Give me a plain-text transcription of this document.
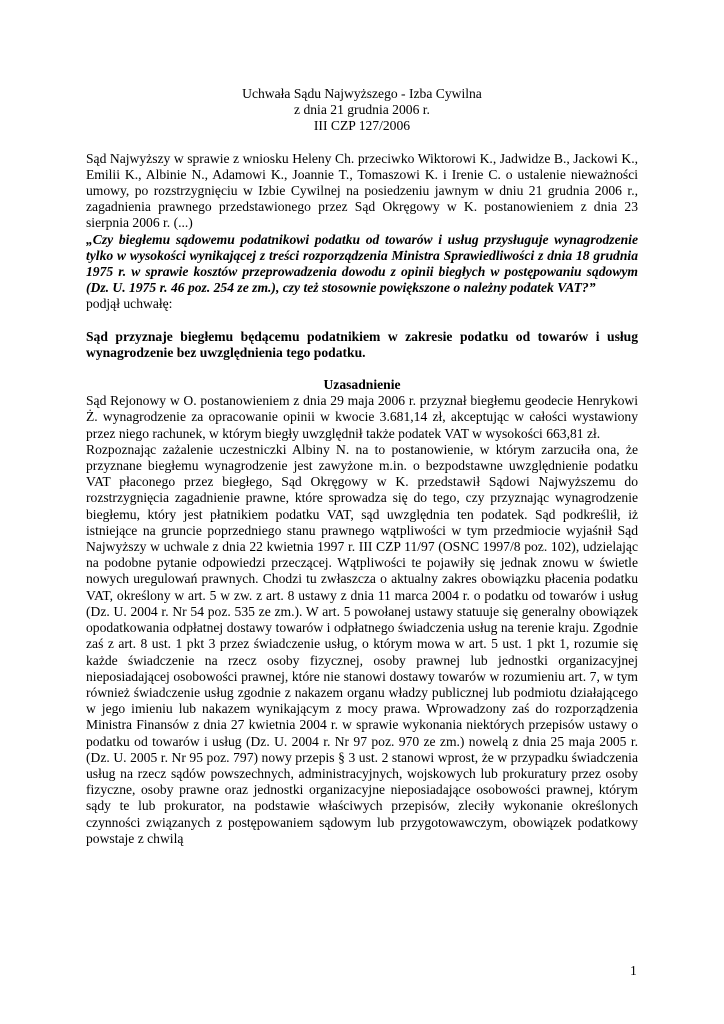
Uchwała Sądu Najwyższego - Izba Cywilna
z dnia 21 grudnia 2006 r.
III CZP 127/2006

Sąd Najwyższy w sprawie z wniosku Heleny Ch. przeciwko Wiktorowi K., Jadwidze B., Jackowi K., Emilii K., Albinie N., Adamowi K., Joannie T., Tomaszowi K. i Irenie C. o ustalenie nieważności umowy, po rozstrzygnięciu w Izbie Cywilnej na posiedzeniu jawnym w dniu 21 grudnia 2006 r., zagadnienia prawnego przedstawionego przez Sąd Okręgowy w K. postanowieniem z dnia 23 sierpnia 2006 r. (...)

„Czy biegłemu sądowemu podatnikowi podatku od towarów i usług przysługuje wynagrodzenie tylko w wysokości wynikającej z treści rozporządzenia Ministra Sprawiedliwości z dnia 18 grudnia 1975 r. w sprawie kosztów przeprowadzenia dowodu z opinii biegłych w postępowaniu sądowym (Dz. U. 1975 r. 46 poz. 254 ze zm.), czy też stosownie powiększone o należny podatek VAT?”

podjął uchwałę:

Sąd przyznaje biegłemu będącemu podatnikiem w zakresie podatku od towarów i usług wynagrodzenie bez uwzględnienia tego podatku.

Uzasadnienie

Sąd Rejonowy w O. postanowieniem z dnia 29 maja 2006 r. przyznał biegłemu geodecie Henrykowi Ż. wynagrodzenie za opracowanie opinii w kwocie 3.681,14 zł, akceptując w całości wystawiony przez niego rachunek, w którym biegły uwzględnił także podatek VAT w wysokości 663,81 zł.

Rozpoznając zażalenie uczestniczki Albiny N. na to postanowienie, w którym zarzuciła ona, że przyznane biegłemu wynagrodzenie jest zawyżone m.in. o bezpodstawne uwzględnienie podatku VAT płaconego przez biegłego, Sąd Okręgowy w K. przedstawił Sądowi Najwyższemu do rozstrzygnięcia zagadnienie prawne, które sprowadza się do tego, czy przyznając wynagrodzenie biegłemu, który jest płatnikiem podatku VAT, sąd uwzględnia ten podatek. Sąd podkreślił, iż istniejące na gruncie poprzedniego stanu prawnego wątpliwości w tym przedmiocie wyjaśnił Sąd Najwyższy w uchwale z dnia 22 kwietnia 1997 r. III CZP 11/97 (OSNC 1997/8 poz. 102), udzielając na podobne pytanie odpowiedzi przeczącej. Wątpliwości te pojawiły się jednak znowu w świetle nowych uregulowań prawnych. Chodzi tu zwłaszcza o aktualny zakres obowiązku płacenia podatku VAT, określony w art. 5 w zw. z art. 8 ustawy z dnia 11 marca 2004 r. o podatku od towarów i usług (Dz. U. 2004 r. Nr 54 poz. 535 ze zm.). W art. 5 powołanej ustawy statuuje się generalny obowiązek opodatkowania odpłatnej dostawy towarów i odpłatnego świadczenia usług na terenie kraju. Zgodnie zaś z art. 8 ust. 1 pkt 3 przez świadczenie usług, o którym mowa w art. 5 ust. 1 pkt 1, rozumie się każde świadczenie na rzecz osoby fizycznej, osoby prawnej lub jednostki organizacyjnej nieposiadającej osobowości prawnej, które nie stanowi dostawy towarów w rozumieniu art. 7, w tym również świadczenie usług zgodnie z nakazem organu władzy publicznej lub podmiotu działającego w jego imieniu lub nakazem wynikającym z mocy prawa. Wprowadzony zaś do rozporządzenia Ministra Finansów z dnia 27 kwietnia 2004 r. w sprawie wykonania niektórych przepisów ustawy o podatku od towarów i usług (Dz. U. 2004 r. Nr 97 poz. 970 ze zm.) nowelą z dnia 25 maja 2005 r. (Dz. U. 2005 r. Nr 95 poz. 797) nowy przepis § 3 ust. 2 stanowi wprost, że w przypadku świadczenia usług na rzecz sądów powszechnych, administracyjnych, wojskowych lub prokuratury przez osoby fizyczne, osoby prawne oraz jednostki organizacyjne nieposiadające osobowości prawnej, którym sądy te lub prokurator, na podstawie właściwych przepisów, zleciły wykonanie określonych czynności związanych z postępowaniem sądowym lub przygotowawczym, obowiązek podatkowy powstaje z chwilą

1
